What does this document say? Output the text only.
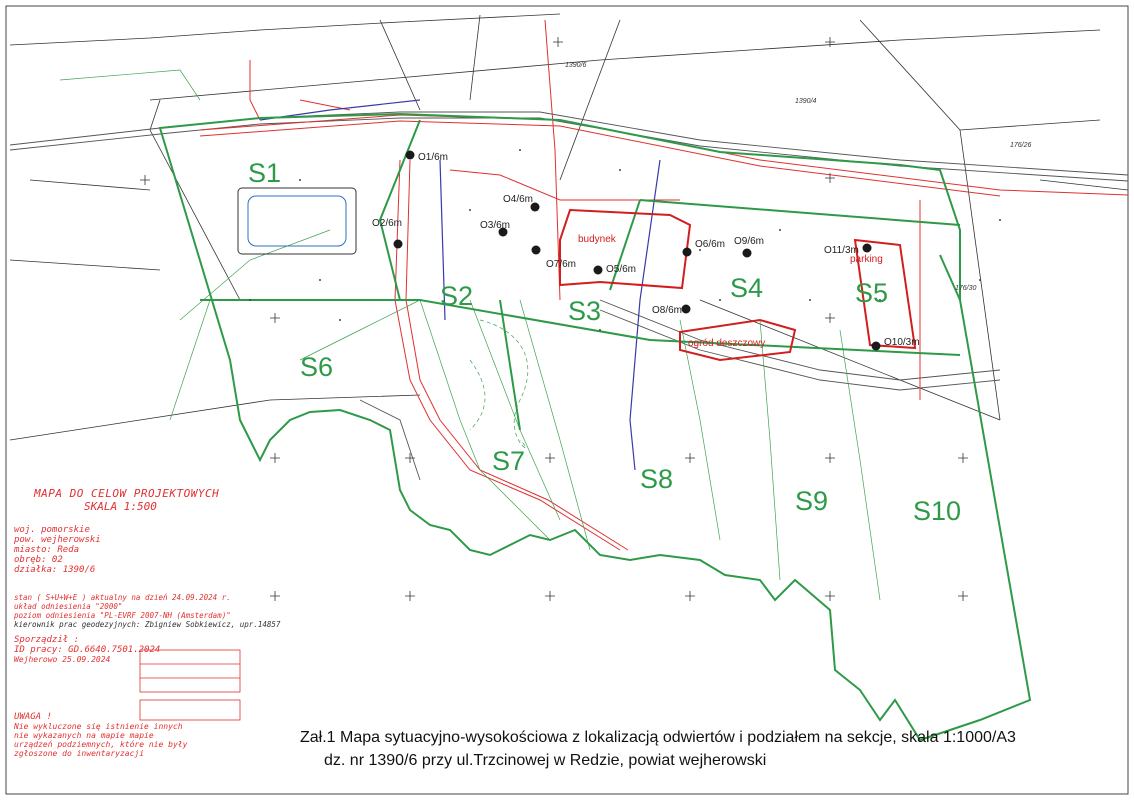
budynek
parking
ogród deszczowy
O1/6m
O2/6m	O3/6m
O4/6m
O5/6m
O6/6m
O7/6m
O8/6m
O9/6m
O10/3m
O11/3m
S1
S2	S3
S4	S5
S6
S7
S8
S9	S10
1390/4
1390/6
176/26
176/30
MAPA DO CELOW PROJEKTOWYCH
SKALA 1:500
woj. pomorskie
pow. wejherowski
miasto: Reda
obręb: 02
działka: 1390/6
stan ( S+U+W+E ) aktualny na dzień 24.09.2024 r.
układ odniesienia "2000"
poziom odniesienia "PL-EVRF 2007-NH (Amsterdam)"
kierownik prac geodezyjnych: Zbigniew Sobkiewicz, upr.14857
Sporządził :
ID pracy: GD.6640.7501.2024
Wejherowo 25.09.2024
UWAGA !
Nie wykluczone się istnienie innych
nie wykazanych na mapie mapie
urządzeń podziemnych, które nie były
zgłoszone do inwentaryzacji
Zał.1 Mapa sytuacyjno-wysokościowa z lokalizacją odwiertów i podziałem na sekcje, skala 1:1000/A3
dz. nr 1390/6 przy ul.Trzcinowej w Redzie, powiat wejherowski
